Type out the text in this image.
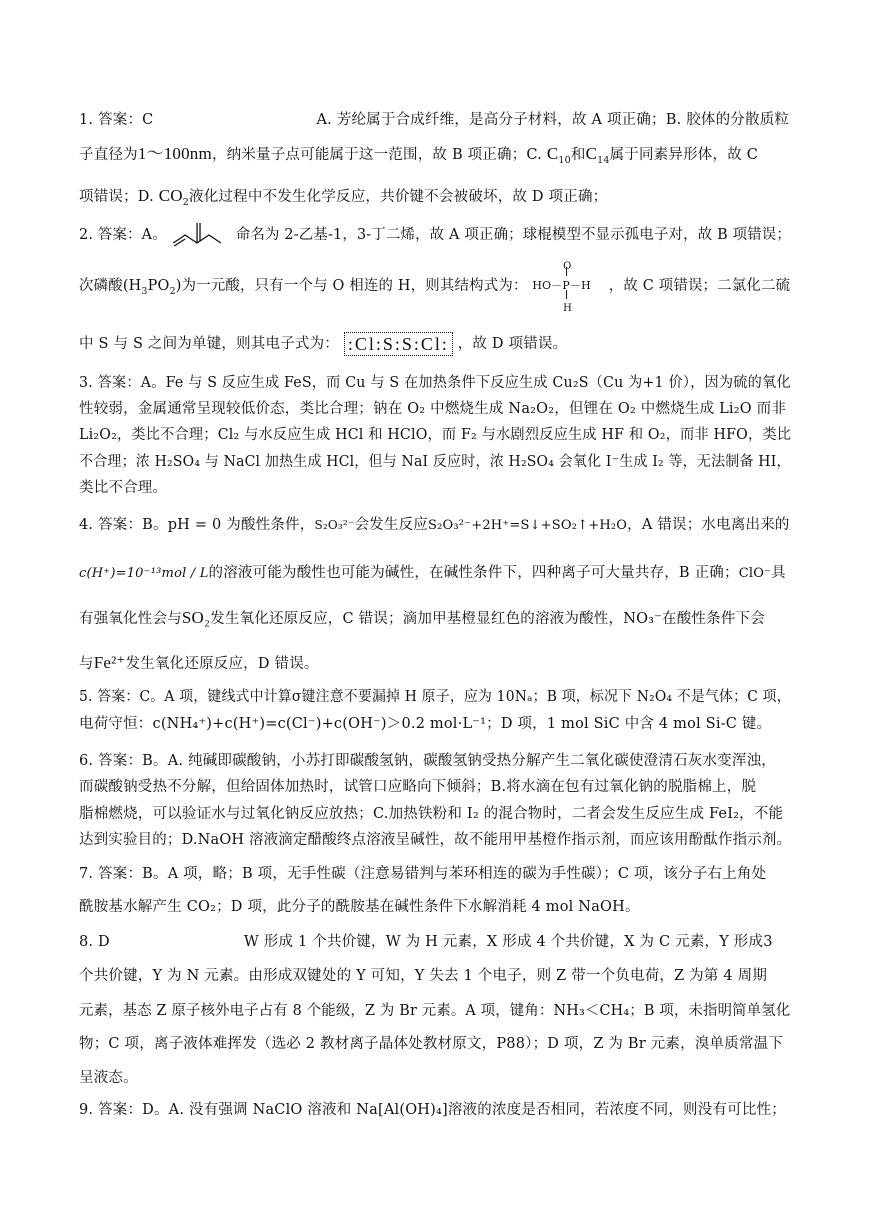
1. 答案：C	A. 芳纶属于合成纤维，是高分子材料，故 A 项正确；B. 胶体的分散质粒
子直径为1～100nm，纳米量子点可能属于这一范围，故 B 项正确；C. $C_{10}$和$C_{14}$属于同素异形体，故 C
项错误；D. $CO_2$液化过程中不发生化学反应，共价键不会被破坏，故 D 项正确；
2. 答案：A。	命名为 2-乙基-1，3-丁二烯，故 A 项正确；球棍模型不显示孤电子对，故 B 项错误；
次磷酸$(H_3PO_2)$为一元酸，只有一个与 O 相连的 H，则其结构式为：
O
HO－P－H
H
，故 C 项错误；二氯化二硫
中 S 与 S 之间为单键，则其电子式为： :Cl:S:S:Cl: ，故 D 项错误。
3. 答案：A。Fe 与 S 反应生成 FeS，而 Cu 与 S 在加热条件下反应生成 Cu₂S（Cu 为+1 价），因为硫的氧化
性较弱，金属通常呈现较低价态，类比合理；钠在 O₂ 中燃烧生成 Na₂O₂，但锂在 O₂ 中燃烧生成 Li₂O 而非
Li₂O₂，类比不合理；Cl₂ 与水反应生成 HCl 和 HClO，而 F₂ 与水剧烈反应生成 HF 和 O₂，而非 HFO，类比
不合理；浓 H₂SO₄ 与 NaCl 加热生成 HCl，但与 NaI 反应时，浓 H₂SO₄ 会氧化 I⁻生成 I₂ 等，无法制备 HI，
类比不合理。
4. 答案：B。pH = 0 为酸性条件，S₂O₃²⁻会发生反应S₂O₃²⁻+2H⁺=S↓+SO₂↑+H₂O，A 错误；水电离出来的
c(H⁺)=10⁻¹³mol / L的溶液可能为酸性也可能为碱性，在碱性条件下，四种离子可大量共存，B 正确；ClO⁻具
有强氧化性会与SO₂发生氧化还原反应，C 错误；滴加甲基橙显红色的溶液为酸性，NO₃⁻在酸性条件下会
与Fe²⁺发生氧化还原反应，D 错误。
5. 答案：C。A 项，键线式中计算σ键注意不要漏掉 H 原子，应为 10Nₐ；B 项，标况下 N₂O₄ 不是气体；C 项，
电荷守恒：c(NH₄⁺)+c(H⁺)=c(Cl⁻)+c(OH⁻)＞0.2 mol·L⁻¹；D 项，1 mol SiC 中含 4 mol Si-C 键。
6. 答案：B。A. 纯碱即碳酸钠，小苏打即碳酸氢钠，碳酸氢钠受热分解产生二氧化碳使澄清石灰水变浑浊，
而碳酸钠受热不分解，但给固体加热时，试管口应略向下倾斜；B.将水滴在包有过氧化钠的脱脂棉上，脱
脂棉燃烧，可以验证水与过氧化钠反应放热；C.加热铁粉和 I₂ 的混合物时，二者会发生反应生成 FeI₂，不能
达到实验目的；D.NaOH 溶液滴定醋酸终点溶液呈碱性，故不能用甲基橙作指示剂，而应该用酚酞作指示剂。
7. 答案：B。A 项，略；B 项，无手性碳（注意易错判与苯环相连的碳为手性碳）；C 项，该分子右上角处
酰胺基水解产生 CO₂；D 项，此分子的酰胺基在碱性条件下水解消耗 4 mol NaOH。
8. D	W 形成 1 个共价键，W 为 H 元素，X 形成 4 个共价键，X 为 C 元素，Y 形成3
个共价键，Y 为 N 元素。由形成双键处的 Y 可知，Y 失去 1 个电子，则 Z 带一个负电荷，Z 为第 4 周期
元素，基态 Z 原子核外电子占有 8 个能级，Z 为 Br 元素。A 项，键角：NH₃＜CH₄；B 项，未指明简单氢化
物；C 项，离子液体难挥发（选必 2 教材离子晶体处教材原文，P88）；D 项，Z 为 Br 元素，溴单质常温下
呈液态。
9. 答案：D。A. 没有强调 NaClO 溶液和 Na[Al(OH)₄]溶液的浓度是否相同，若浓度不同，则没有可比性；
